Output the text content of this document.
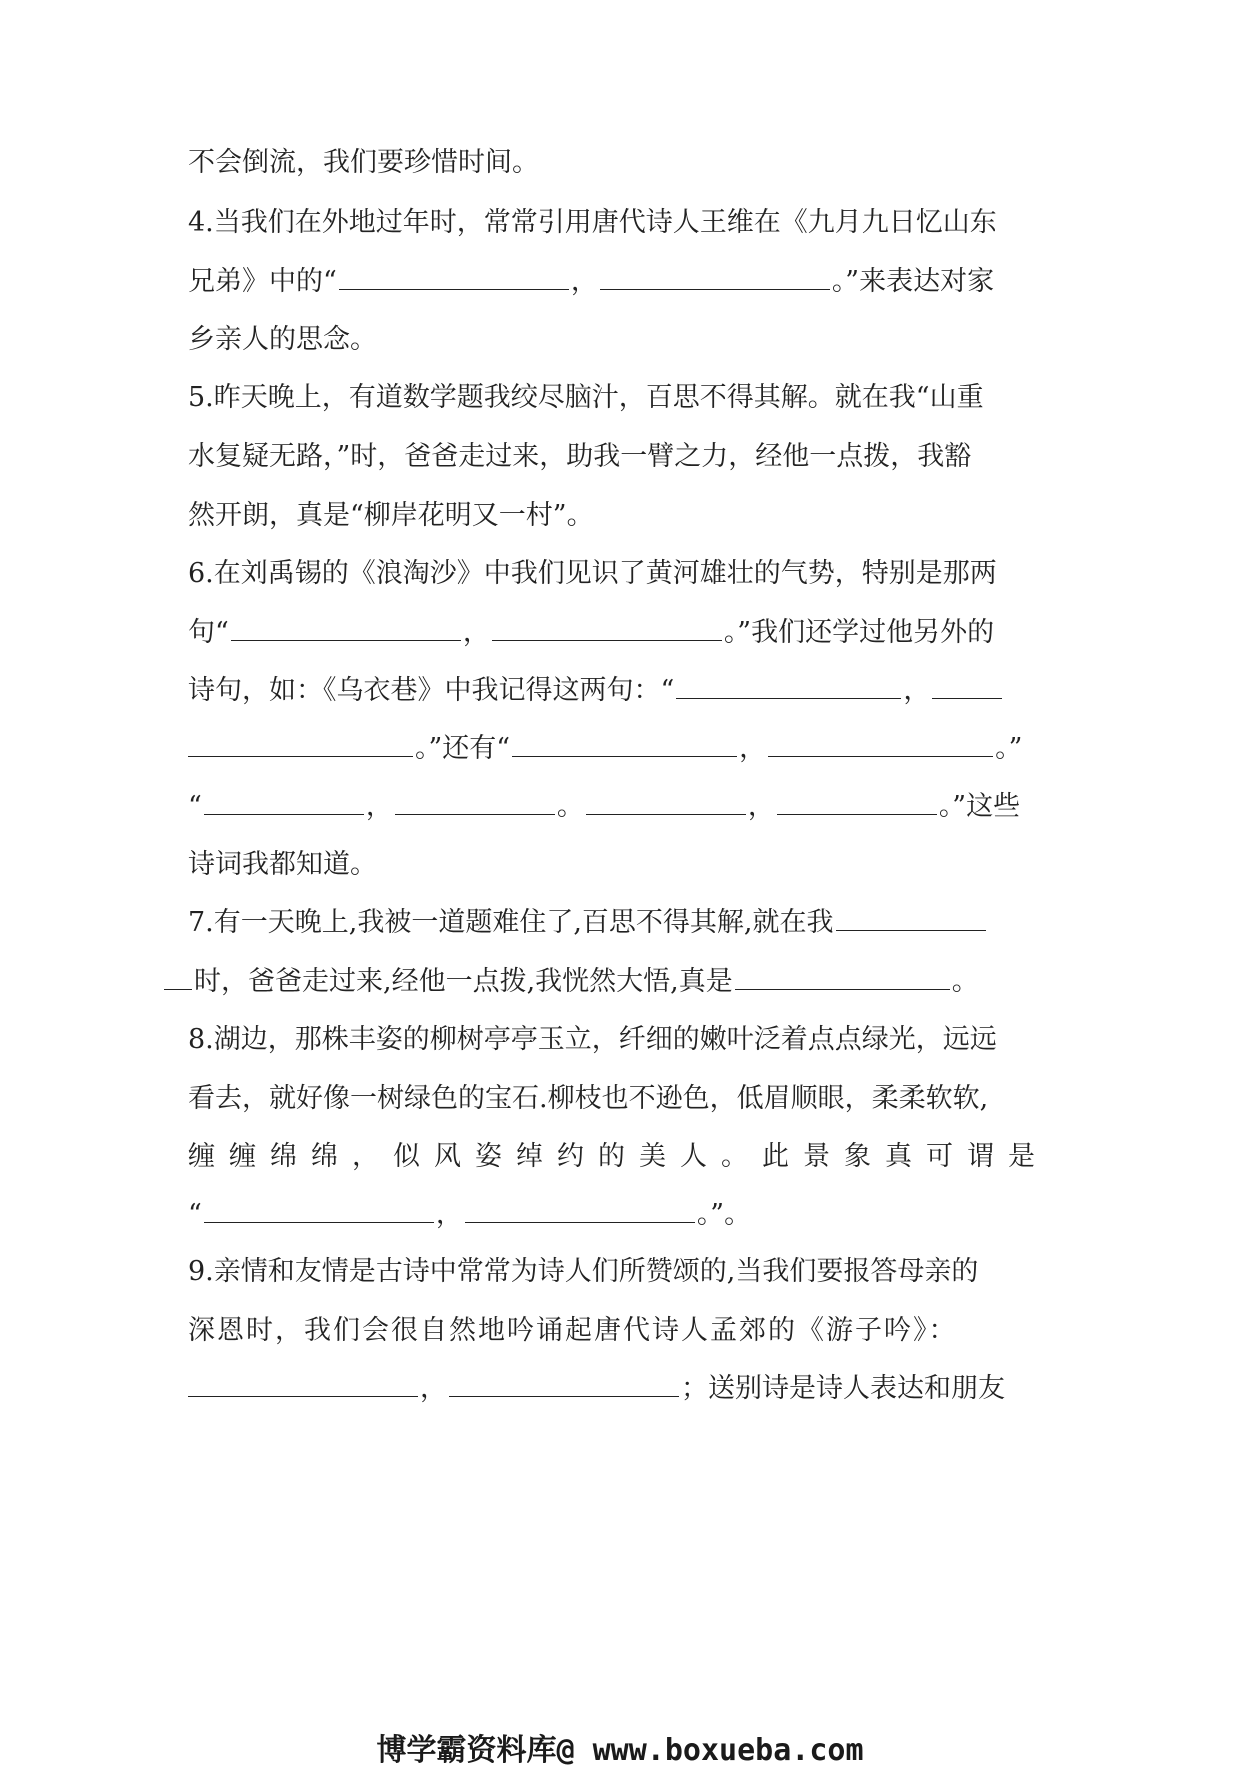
不会倒流，我们要珍惜时间。
4.当我们在外地过年时，常常引用唐代诗人王维在《九月九日忆山东
兄弟》中的“	，	。”来表达对家
乡亲人的思念。
5.昨天晚上，有道数学题我绞尽脑汁，百思不得其解。就在我“山重
水复疑无路，”时，爸爸走过来，助我一臂之力，经他一点拨，我豁
然开朗，真是“柳岸花明又一村”。
6.在刘禹锡的《浪淘沙》中我们见识了黄河雄壮的气势，特别是那两
句“	，	。”我们还学过他另外的
诗句，如：《乌衣巷》中我记得这两句：“	，
。”还有“	，	。”
“	，	。	，	。”这些
诗词我都知道。
7.有一天晚上,我被一道题难住了,百思不得其解,就在我
时，爸爸走过来,经他一点拨,我恍然大悟,真是	。
8.湖边，那株丰姿的柳树亭亭玉立，纤细的嫩叶泛着点点绿光，远远
看去，就好像一树绿色的宝石.柳枝也不逊色，低眉顺眼，柔柔软软,
缠缠绵绵，似风姿绰约的美人。此景象真可谓是
“	，	。”。
9.亲情和友情是古诗中常常为诗人们所赞颂的,当我们要报答母亲的
深恩时，我们会很自然地吟诵起唐代诗人孟郊的《游子吟》：
，	；送别诗是诗人表达和朋友
博学霸资料库@ www.boxueba.com
